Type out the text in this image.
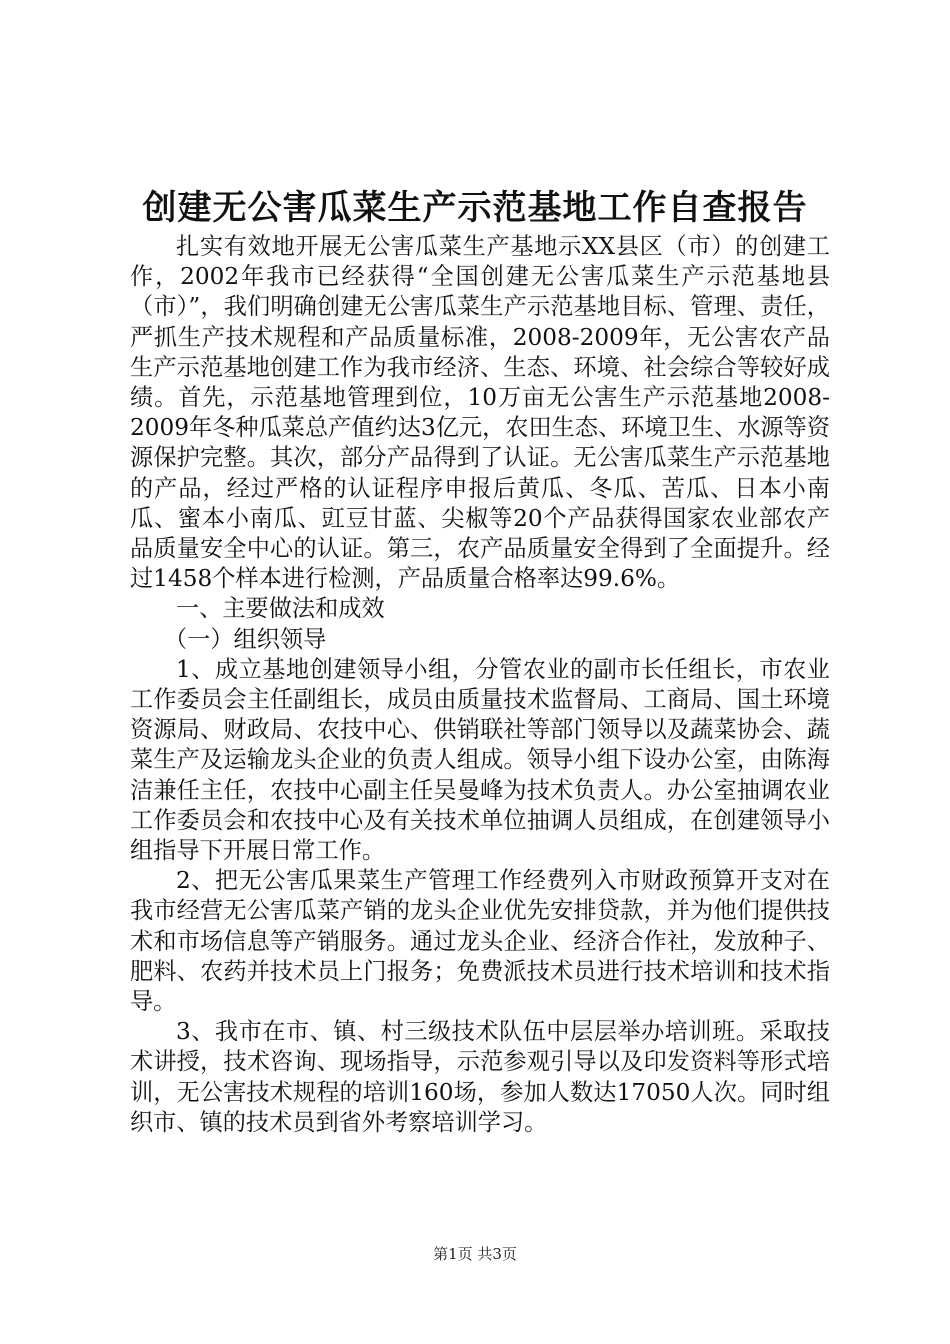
创建无公害瓜菜生产示范基地工作自查报告

扎实有效地开展无公害瓜菜生产基地示XX县区（市）的创建工作，2002年我市已经获得“全国创建无公害瓜菜生产示范基地县（市）”，我们明确创建无公害瓜菜生产示范基地目标、管理、责任，严抓生产技术规程和产品质量标准，2008-2009年，无公害农产品生产示范基地创建工作为我市经济、生态、环境、社会综合等较好成绩。首先，示范基地管理到位，10万亩无公害生产示范基地2008-2009年冬种瓜菜总产值约达3亿元，农田生态、环境卫生、水源等资源保护完整。其次，部分产品得到了认证。无公害瓜菜生产示范基地的产品，经过严格的认证程序申报后黄瓜、冬瓜、苦瓜、日本小南瓜、蜜本小南瓜、豇豆甘蓝、尖椒等20个产品获得国家农业部农产品质量安全中心的认证。第三，农产品质量安全得到了全面提升。经过1458个样本进行检测，产品质量合格率达99.6%。

一、主要做法和成效

（一）组织领导

1、成立基地创建领导小组，分管农业的副市长任组长，市农业工作委员会主任副组长，成员由质量技术监督局、工商局、国土环境资源局、财政局、农技中心、供销联社等部门领导以及蔬菜协会、蔬菜生产及运输龙头企业的负责人组成。领导小组下设办公室，由陈海洁兼任主任，农技中心副主任吴曼峰为技术负责人。办公室抽调农业工作委员会和农技中心及有关技术单位抽调人员组成，在创建领导小组指导下开展日常工作。

2、把无公害瓜果菜生产管理工作经费列入市财政预算开支对在我市经营无公害瓜菜产销的龙头企业优先安排贷款，并为他们提供技术和市场信息等产销服务。通过龙头企业、经济合作社，发放种子、肥料、农药并技术员上门报务；免费派技术员进行技术培训和技术指导。

3、我市在市、镇、村三级技术队伍中层层举办培训班。采取技术讲授，技术咨询、现场指导，示范参观引导以及印发资料等形式培训，无公害技术规程的培训160场，参加人数达17050人次。同时组织市、镇的技术员到省外考察培训学习。

第1页 共3页
